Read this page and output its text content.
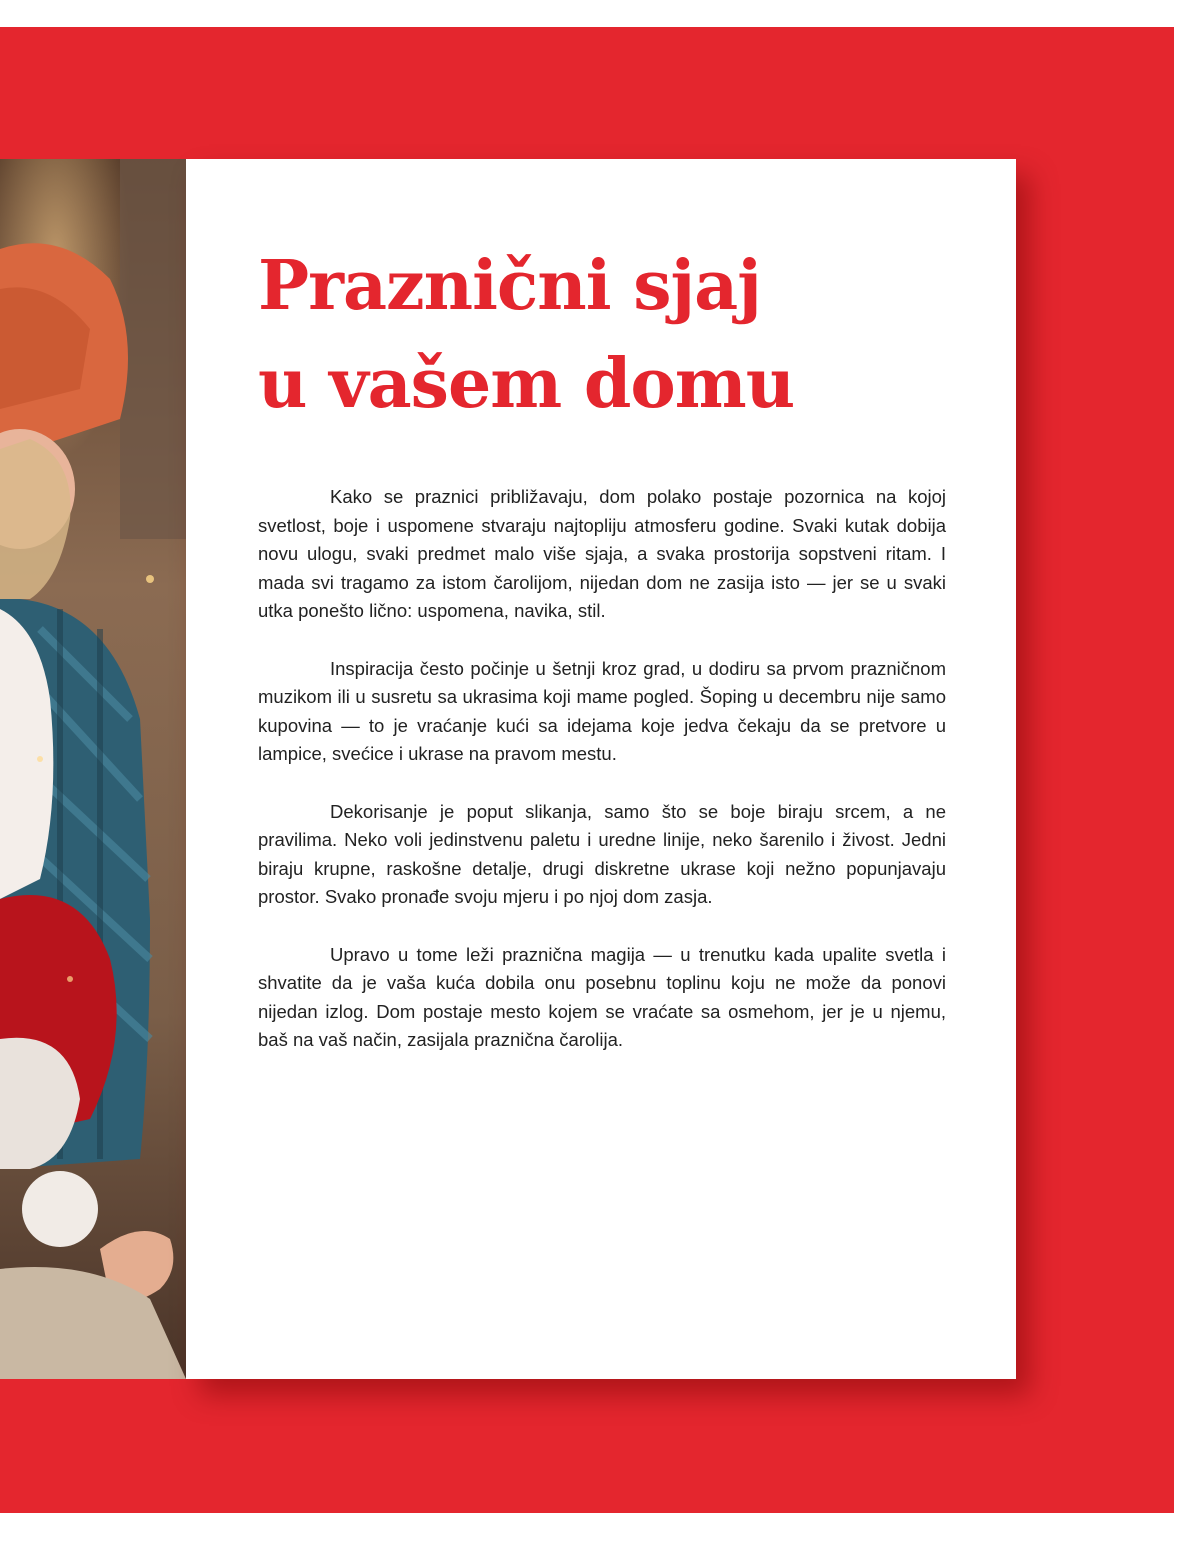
Praznični sjaj
u vašem domu

Kako se praznici približavaju, dom polako postaje pozornica na kojoj svetlost, boje i uspomene stvaraju najtopliju atmosferu godine. Svaki kutak dobija novu ulogu, svaki predmet malo više sjaja, a svaka prostorija sopstveni ritam. I mada svi tragamo za istom čarolijom, nijedan dom ne zasija isto — jer se u svaki utka ponešto lično: uspomena, navika, stil.

Inspiracija često počinje u šetnji kroz grad, u dodiru sa prvom prazničnom muzikom ili u susretu sa ukrasima koji mame pogled. Šoping u decembru nije samo kupovina — to je vraćanje kući sa idejama koje jedva čekaju da se pretvore u lampice, svećice i ukrase na pravom mestu.

Dekorisanje je poput slikanja, samo što se boje biraju srcem, a ne pravilima. Neko voli jedinstvenu paletu i uredne linije, neko šarenilo i živost. Jedni biraju krupne, raskošne detalje, drugi diskretne ukrase koji nežno popunjavaju prostor. Svako pronađe svoju mjeru i po njoj dom zasja.

Upravo u tome leži praznična magija — u trenutku kada upalite svetla i shvatite da je vaša kuća dobila onu posebnu toplinu koju ne može da ponovi nijedan izlog. Dom postaje mesto kojem se vraćate sa osmehom, jer je u njemu, baš na vaš način, zasijala praznična čarolija.
